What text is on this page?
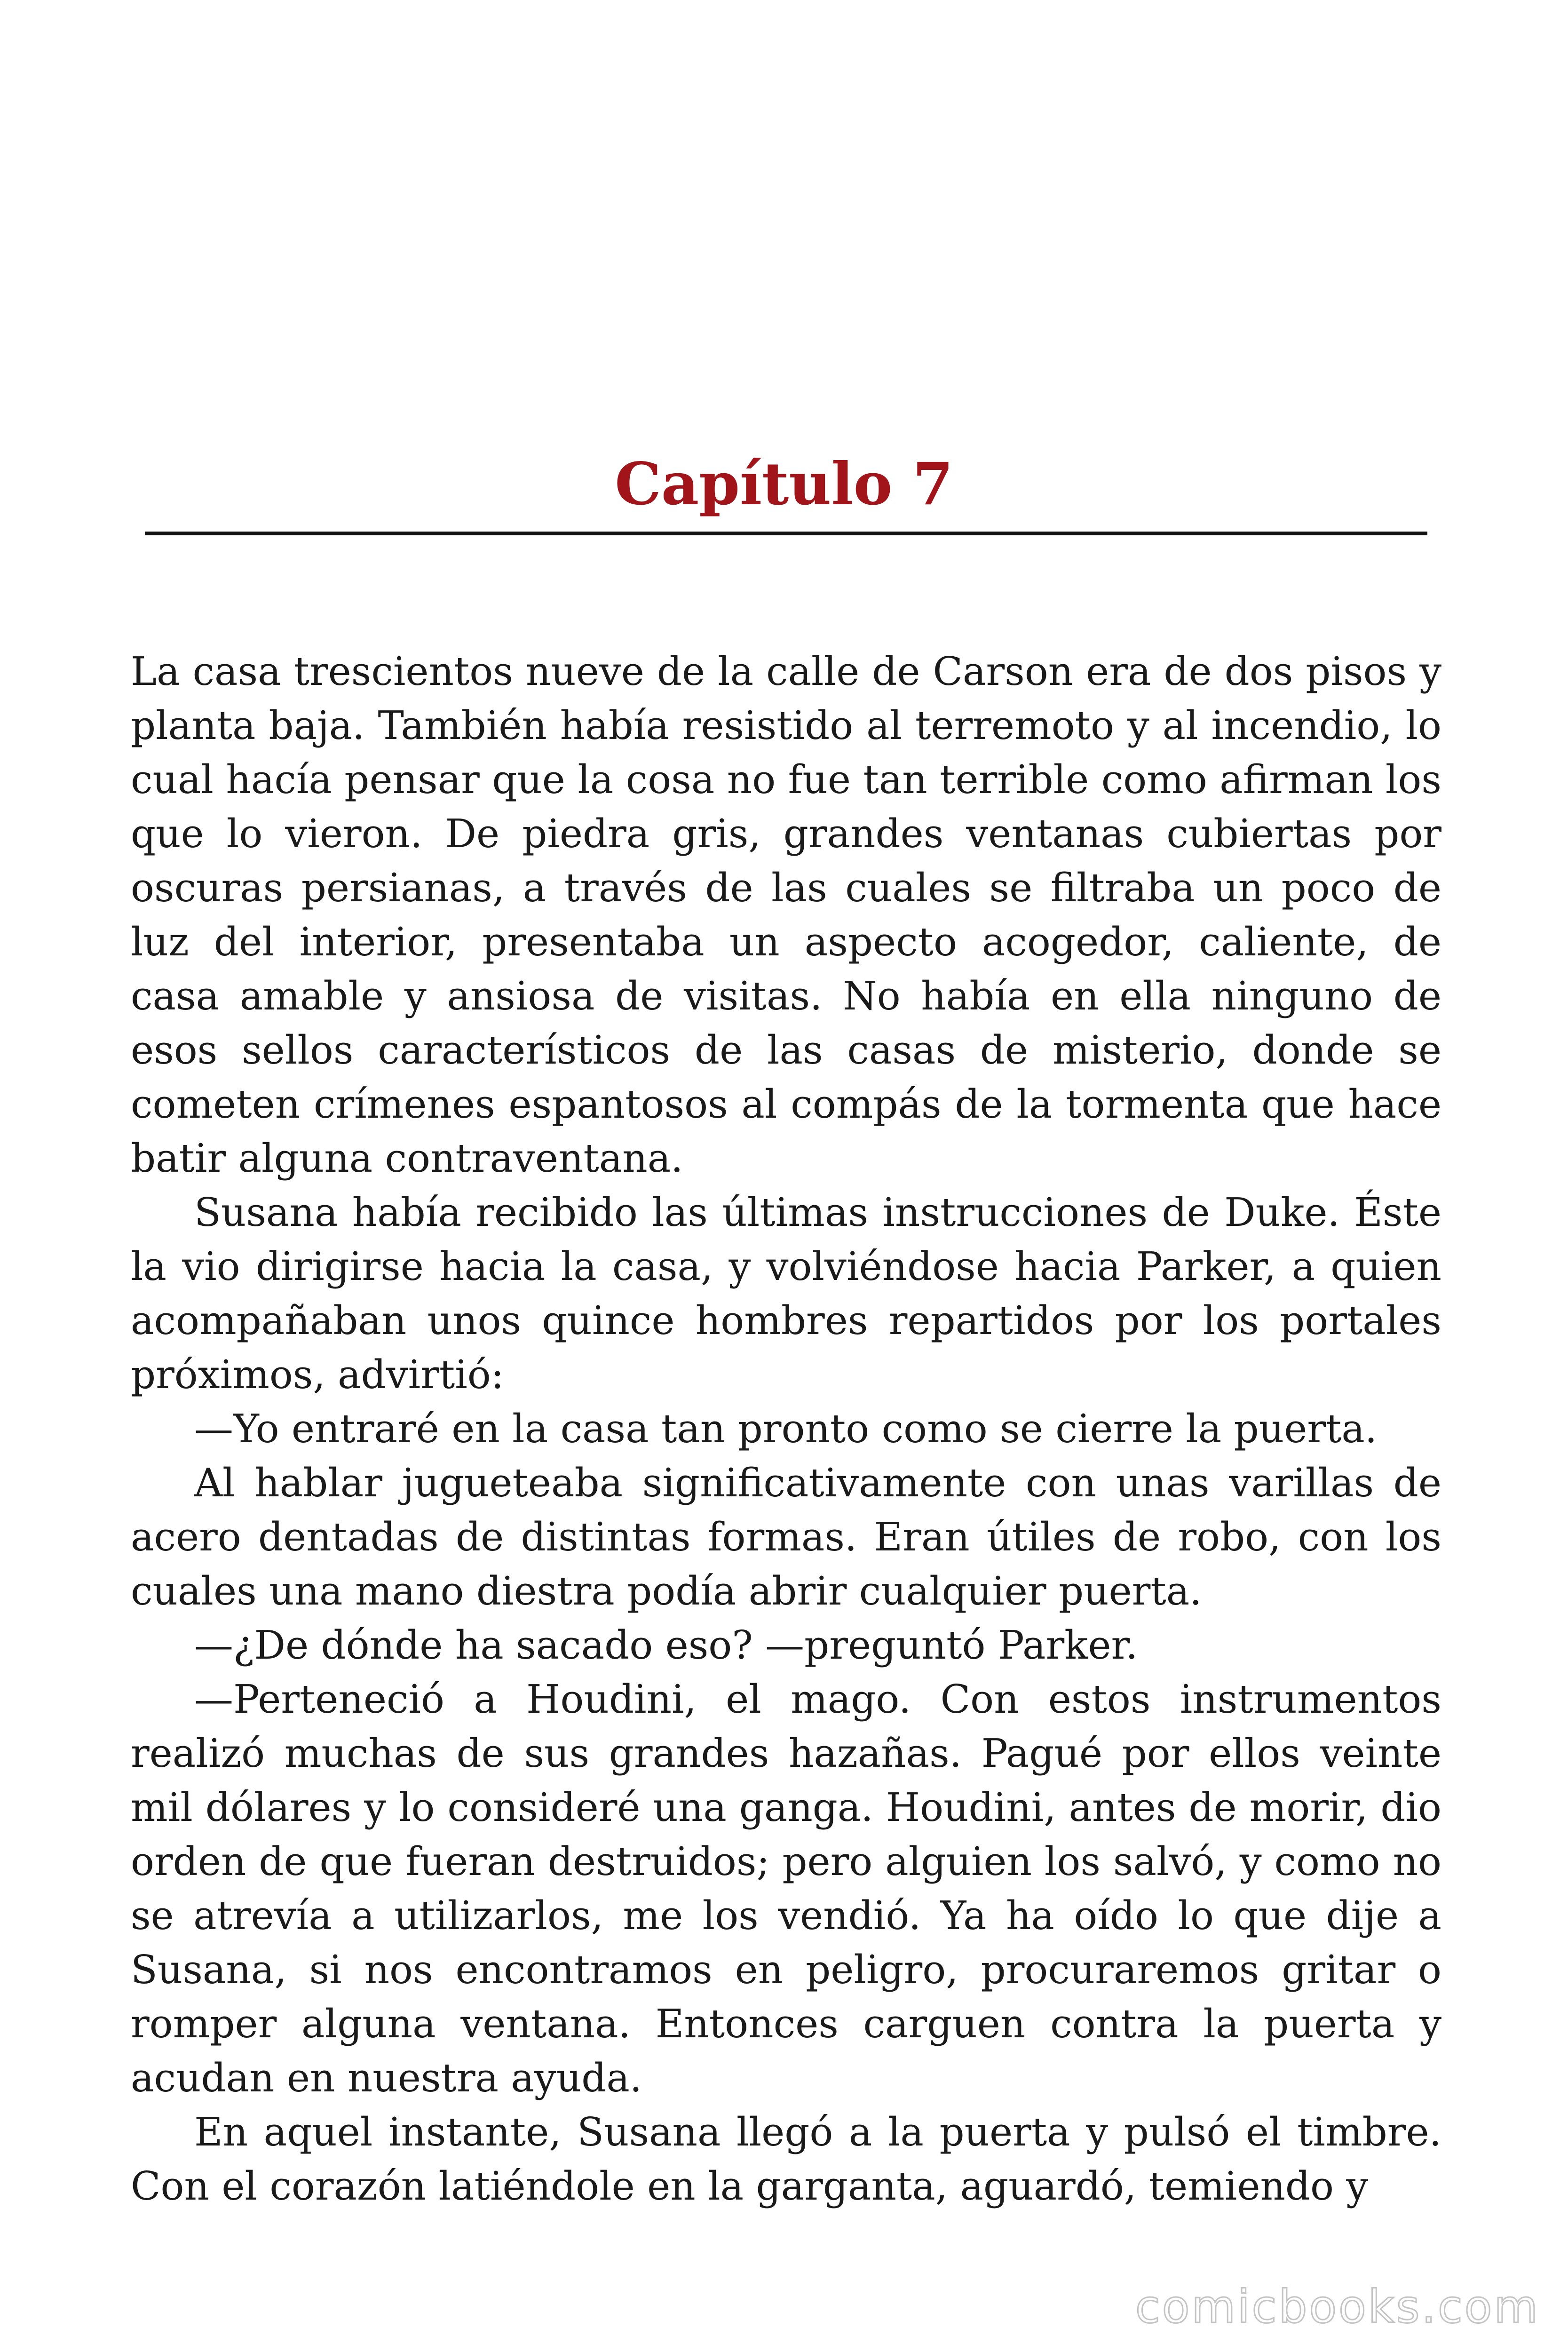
Capítulo 7

La casa trescientos nueve de la calle de Carson era de dos pisos y planta baja. También había resistido al terremoto y al incendio, lo cual hacía pensar que la cosa no fue tan terrible como afirman los que lo vieron. De piedra gris, grandes ventanas cubiertas por oscuras persianas, a través de las cuales se filtraba un poco de luz del interior, presentaba un aspecto acogedor, caliente, de casa amable y ansiosa de visitas. No había en ella ninguno de esos sellos característicos de las casas de misterio, donde se cometen crímenes espantosos al compás de la tormenta que hace batir alguna contraventana.

Susana había recibido las últimas instrucciones de Duke. Éste la vio dirigirse hacia la casa, y volviéndose hacia Parker, a quien acompañaban unos quince hombres repartidos por los portales próximos, advirtió:

—Yo entraré en la casa tan pronto como se cierre la puerta.

Al hablar jugueteaba significativamente con unas varillas de acero dentadas de distintas formas. Eran útiles de robo, con los cuales una mano diestra podía abrir cualquier puerta.

—¿De dónde ha sacado eso? —preguntó Parker.

—Perteneció a Houdini, el mago. Con estos instrumentos realizó muchas de sus grandes hazañas. Pagué por ellos veinte mil dólares y lo consideré una ganga. Houdini, antes de morir, dio orden de que fueran destruidos; pero alguien los salvó, y como no se atrevía a utilizarlos, me los vendió. Ya ha oído lo que dije a Susana, si nos encontramos en peligro, procuraremos gritar o romper alguna ventana. Entonces carguen contra la puerta y acudan en nuestra ayuda.

En aquel instante, Susana llegó a la puerta y pulsó el timbre. Con el corazón latiéndole en la garganta, aguardó, temiendo y

comicbooks.com
